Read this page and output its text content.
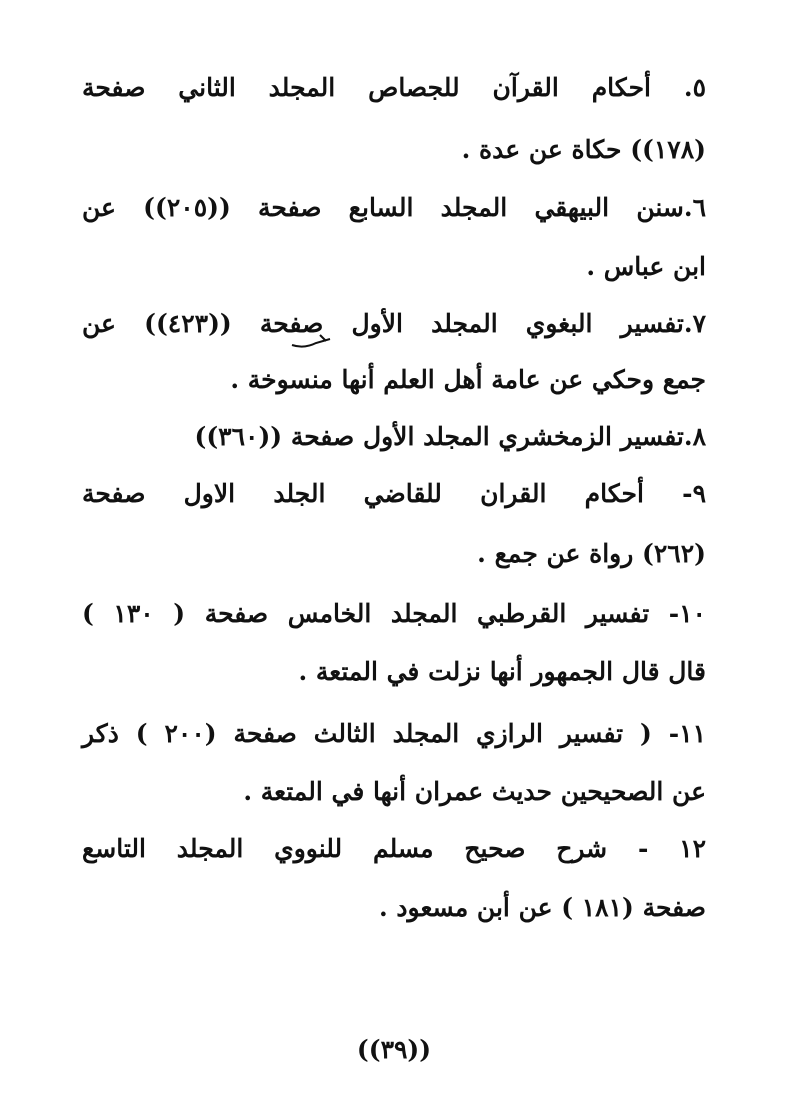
٥. أحكام القرآن للجصاص المجلد الثاني صفحة
(١٧٨)) حكاة عن عدة .
٦.سنن البيهقي المجلد السابع صفحة ((٢٠٥)) عن
ابن عباس .
٧.تفسير البغوي المجلد الأول صفحة ((٤٢٣)) عن
جمع وحكي عن عامة أهل العلم أنها منسوخة .
٨.تفسير الزمخشري المجلد الأول صفحة ((٣٦٠))
٩- أحكام القران للقاضي الجلد الاول صفحة
(٢٦٢) رواة عن جمع .
١٠- تفسير القرطبي المجلد الخامس صفحة ( ١٣٠ )
قال قال الجمهور أنها نزلت في المتعة .
١١- ( تفسير الرازي المجلد الثالث صفحة (٢٠٠ ) ذكر
عن الصحيحين حديث عمران أنها في المتعة .
١٢ - شرح صحيح مسلم للنووي المجلد التاسع
صفحة (١٨١ ) عن أبن مسعود .
((٣٩))
